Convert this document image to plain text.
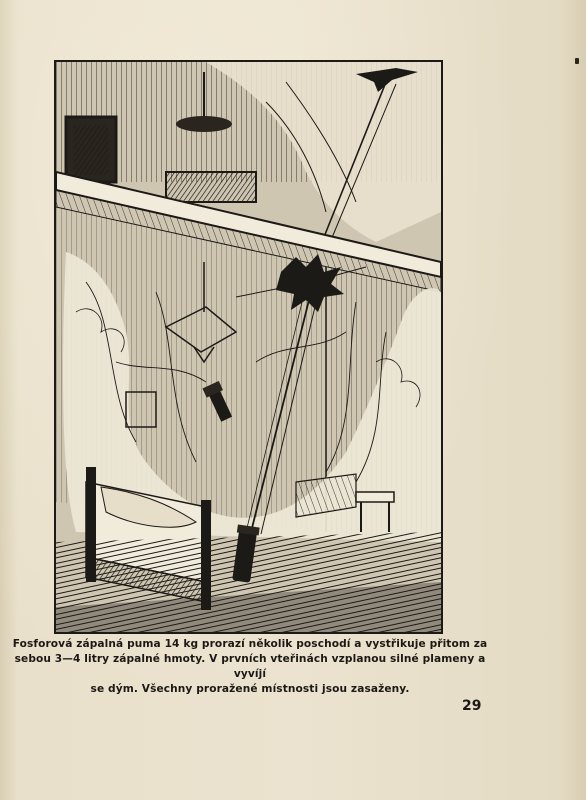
Fosforová zápalná puma 14 kg prorazí několik poschodí a vystřikuje přitom za
sebou 3—4 litry zápalné hmoty. V prvních vteřinách vzplanou silné plameny a vyvíjí
se dým. Všechny proražené místnosti jsou zasaženy.
29
